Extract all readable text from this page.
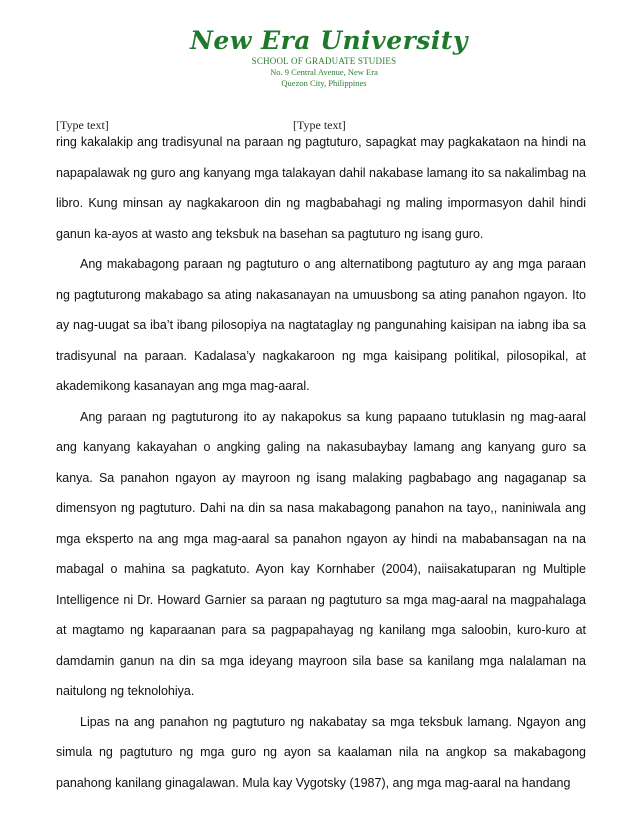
New Era University
SCHOOL OF GRADUATE STUDIES
No. 9 Central Avenue, New Era
Quezon City, Philippines
[Type text]	[Type text]

ring kakalakip ang tradisyunal na paraan ng pagtuturo, sapagkat may pagkakataon na hindi na napapalawak ng guro ang kanyang mga talakayan dahil nakabase lamang ito sa nakalimbag na libro. Kung minsan ay nagkakaroon din ng magbabahagi ng maling impormasyon dahil hindi ganun ka-ayos at wasto ang teksbuk na basehan sa pagtuturo ng isang guro.

Ang makabagong paraan ng pagtuturo o ang alternatibong pagtuturo ay ang mga paraan ng pagtuturong makabago sa ating nakasanayan na umuusbong sa ating panahon ngayon. Ito ay nag-uugat sa iba’t ibang pilosopiya na nagtataglay ng pangunahing kaisipan na iabng iba sa tradisyunal na paraan. Kadalasa’y nagkakaroon ng mga kaisipang politikal, pilosopikal, at akademikong kasanayan ang mga mag-aaral.

Ang paraan ng pagtuturong ito ay nakapokus sa kung papaano tutuklasin ng mag-aaral ang kanyang kakayahan o angking galing na nakasubaybay lamang ang kanyang guro sa kanya. Sa panahon ngayon ay mayroon ng isang malaking pagbabago ang nagaganap sa dimensyon ng pagtuturo. Dahi na din sa nasa makabagong panahon na tayo,, naniniwala ang mga eksperto na ang mga mag-aaral sa panahon ngayon ay hindi na mababansagan na na mabagal o mahina sa pagkatuto. Ayon kay Kornhaber (2004), naiisakatuparan ng Multiple Intelligence ni Dr. Howard Garnier sa paraan ng pagtuturo sa mga mag-aaral na magpahalaga at magtamo ng kaparaanan para sa pagpapahayag ng kanilang mga saloobin, kuro-kuro at damdamin ganun na din sa mga ideyang mayroon sila base sa kanilang mga nalalaman na naitulong ng teknolohiya.

Lipas na ang panahon ng pagtuturo ng nakabatay sa mga teksbuk lamang. Ngayon ang simula ng pagtuturo ng mga guro ng ayon sa kaalaman nila na angkop sa makabagong panahong kanilang ginagalawan. Mula kay Vygotsky (1987), ang mga mag-aaral na handang
